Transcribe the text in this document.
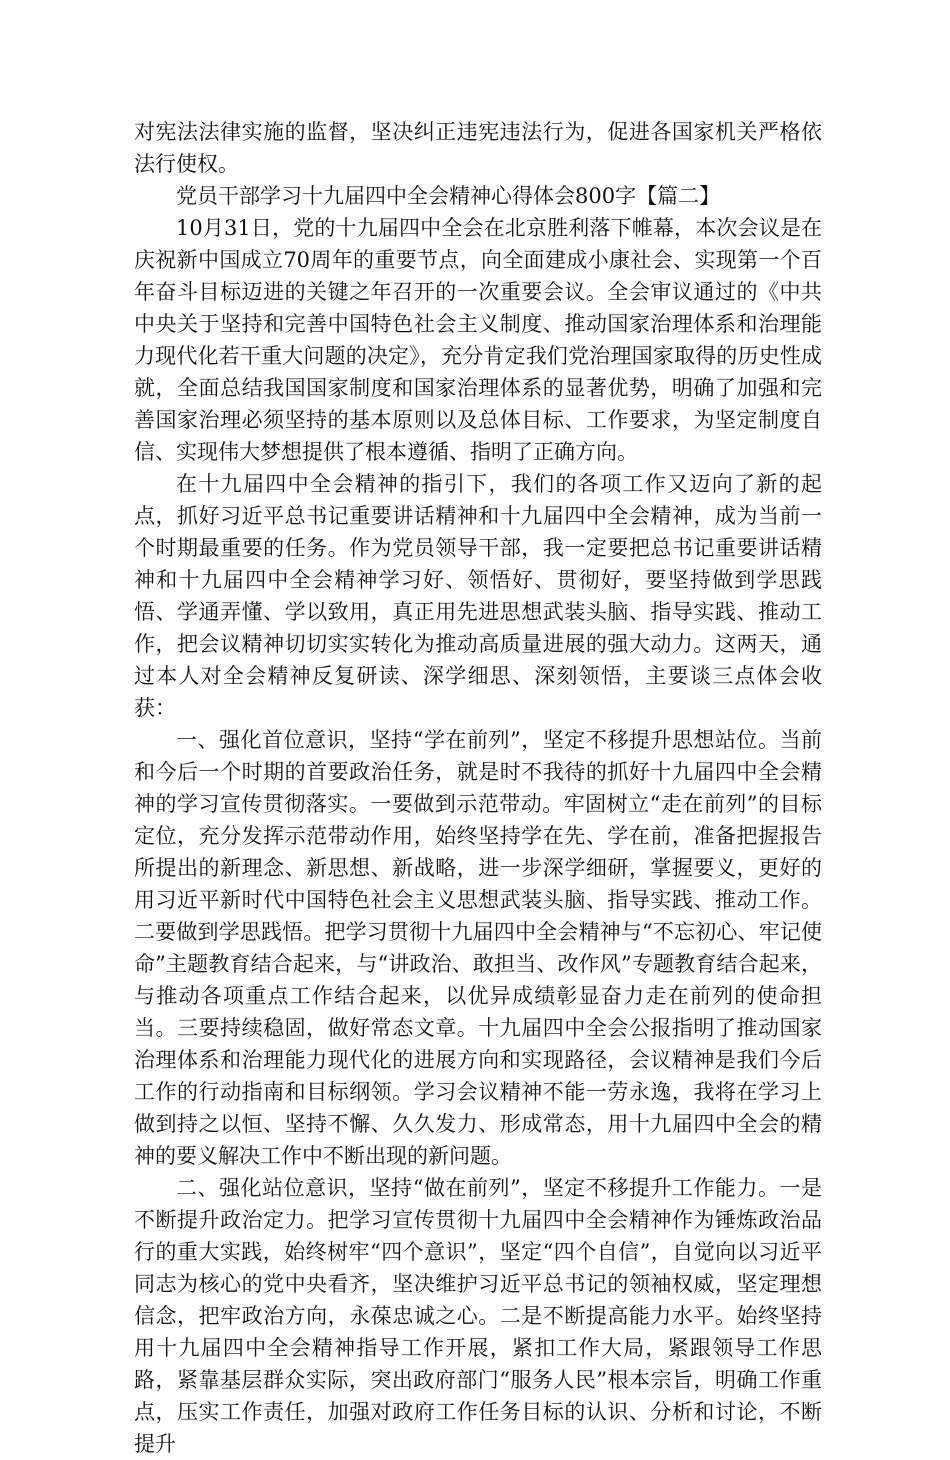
对宪法法律实施的监督，坚决纠正违宪违法行为，促进各国家机关严格依法行使权。

党员干部学习十九届四中全会精神心得体会800字【篇二】

10月31日，党的十九届四中全会在北京胜利落下帷幕，本次会议是在庆祝新中国成立70周年的重要节点，向全面建成小康社会、实现第一个百年奋斗目标迈进的关键之年召开的一次重要会议。全会审议通过的《中共中央关于坚持和完善中国特色社会主义制度、推动国家治理体系和治理能力现代化若干重大问题的决定》，充分肯定我们党治理国家取得的历史性成就，全面总结我国国家制度和国家治理体系的显著优势，明确了加强和完善国家治理必须坚持的基本原则以及总体目标、工作要求，为坚定制度自信、实现伟大梦想提供了根本遵循、指明了正确方向。

在十九届四中全会精神的指引下，我们的各项工作又迈向了新的起点，抓好习近平总书记重要讲话精神和十九届四中全会精神，成为当前一个时期最重要的任务。作为党员领导干部，我一定要把总书记重要讲话精神和十九届四中全会精神学习好、领悟好、贯彻好，要坚持做到学思践悟、学通弄懂、学以致用，真正用先进思想武装头脑、指导实践、推动工作，把会议精神切切实实转化为推动高质量进展的强大动力。这两天，通过本人对全会精神反复研读、深学细思、深刻领悟，主要谈三点体会收获：

一、强化首位意识，坚持“学在前列”，坚定不移提升思想站位。当前和今后一个时期的首要政治任务，就是时不我待的抓好十九届四中全会精神的学习宣传贯彻落实。一要做到示范带动。牢固树立“走在前列”的目标定位，充分发挥示范带动作用，始终坚持学在先、学在前，准备把握报告所提出的新理念、新思想、新战略，进一步深学细研，掌握要义，更好的用习近平新时代中国特色社会主义思想武装头脑、指导实践、推动工作。二要做到学思践悟。把学习贯彻十九届四中全会精神与“不忘初心、牢记使命”主题教育结合起来，与“讲政治、敢担当、改作风”专题教育结合起来，与推动各项重点工作结合起来，以优异成绩彰显奋力走在前列的使命担当。三要持续稳固，做好常态文章。十九届四中全会公报指明了推动国家治理体系和治理能力现代化的进展方向和实现路径，会议精神是我们今后工作的行动指南和目标纲领。学习会议精神不能一劳永逸，我将在学习上做到持之以恒、坚持不懈、久久发力、形成常态，用十九届四中全会的精神的要义解决工作中不断出现的新问题。

二、强化站位意识，坚持“做在前列”，坚定不移提升工作能力。一是不断提升政治定力。把学习宣传贯彻十九届四中全会精神作为锤炼政治品行的重大实践，始终树牢“四个意识”，坚定“四个自信”，自觉向以习近平同志为核心的党中央看齐，坚决维护习近平总书记的领袖权威，坚定理想信念，把牢政治方向，永葆忠诚之心。二是不断提高能力水平。始终坚持用十九届四中全会精神指导工作开展，紧扣工作大局，紧跟领导工作思路，紧靠基层群众实际，突出政府部门“服务人民”根本宗旨，明确工作重点，压实工作责任，加强对政府工作任务目标的认识、分析和讨论，不断提升
